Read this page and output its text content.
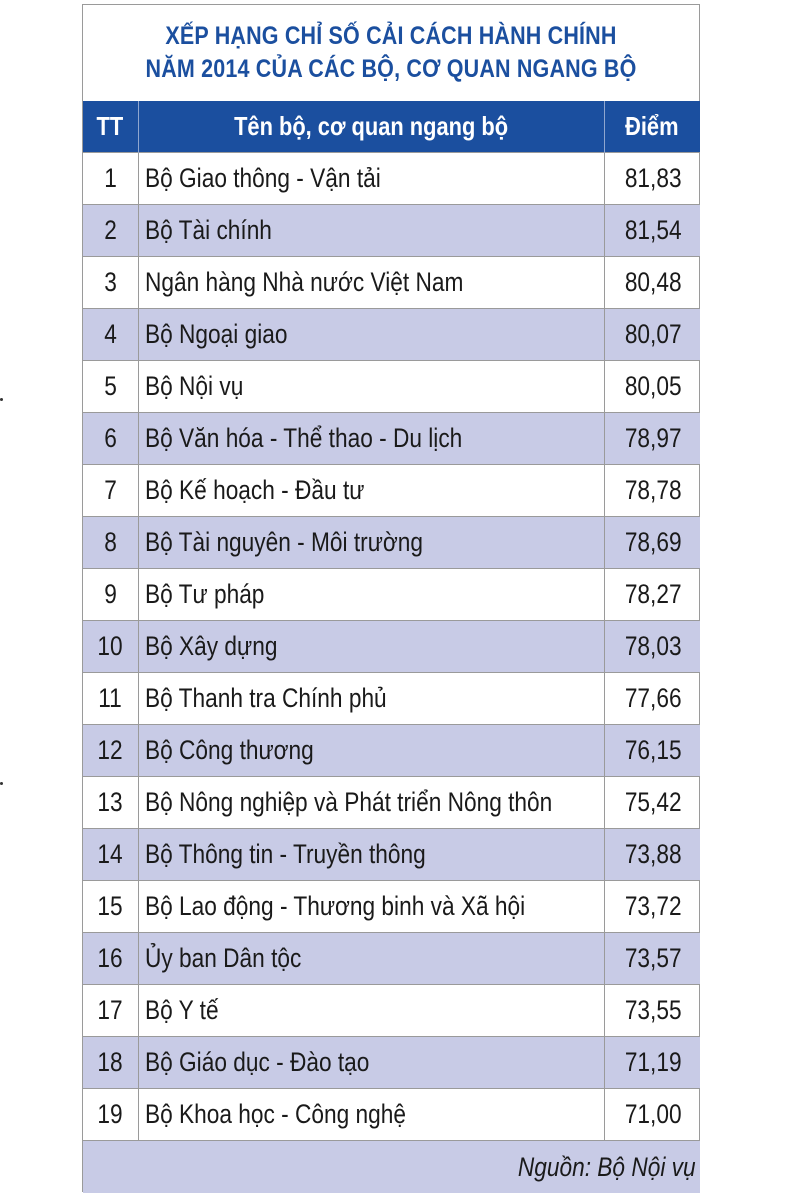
XẾP HẠNG CHỈ SỐ CẢI CÁCH HÀNH CHÍNH
NĂM 2014 CỦA CÁC BỘ, CƠ QUAN NGANG BỘ
TT	Tên bộ, cơ quan ngang bộ	Điểm
1	Bộ Giao thông - Vận tải	81,83
2	Bộ Tài chính	81,54
3	Ngân hàng Nhà nước Việt Nam	80,48
4	Bộ Ngoại giao	80,07
5	Bộ Nội vụ	80,05
6	Bộ Văn hóa - Thể thao - Du lịch	78,97
7	Bộ Kế hoạch - Đầu tư	78,78
8	Bộ Tài nguyên - Môi trường	78,69
9	Bộ Tư pháp	78,27
10	Bộ Xây dựng	78,03
11	Bộ Thanh tra Chính phủ	77,66
12	Bộ Công thương	76,15
13	Bộ Nông nghiệp và Phát triển Nông thôn	75,42
14	Bộ Thông tin - Truyền thông	73,88
15	Bộ Lao động - Thương binh và Xã hội	73,72
16	Ủy ban Dân tộc	73,57
17	Bộ Y tế	73,55
18	Bộ Giáo dục - Đào tạo	71,19
19	Bộ Khoa học - Công nghệ	71,00
Nguồn: Bộ Nội vụ		
